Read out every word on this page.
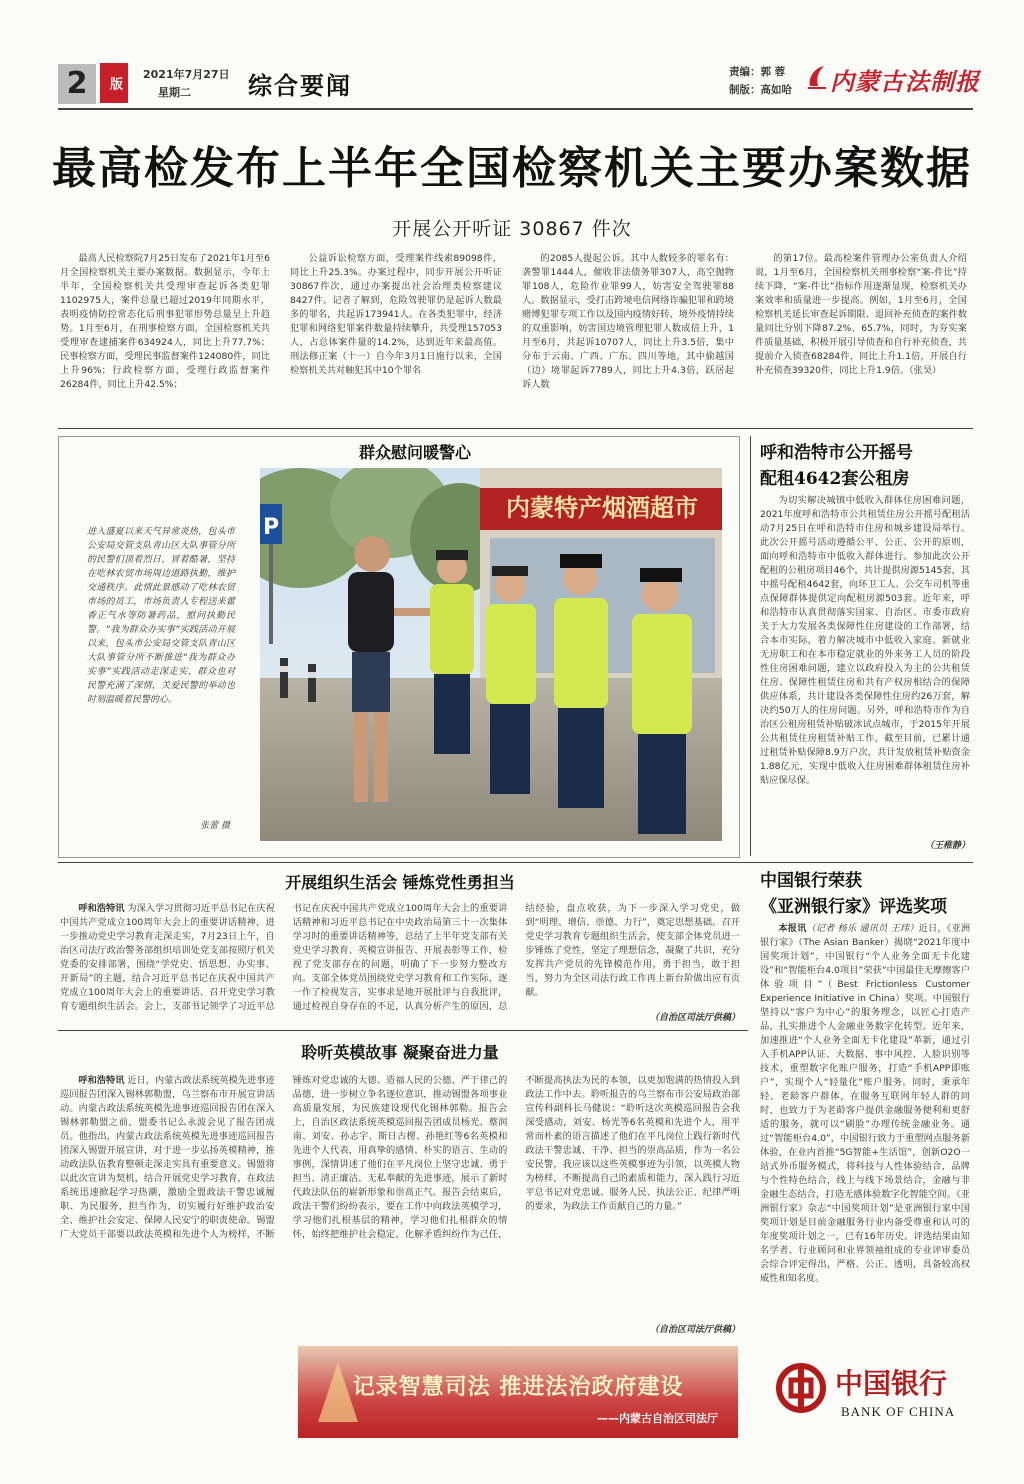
2	版
2021年7月27日
星期二 综合要闻	责编：郭 蓉
制版：高如哈 内蒙古法制报
最高检发布上半年全国检察机关主要办案数据
开展公开听证 30867 件次

最高人民检察院7月25日发布了2021年1月至6月全国检察机关主要办案数据。数据显示，今年上半年，全国检察机关共受理审查起诉各类犯罪1102975人，案件总量已超过2019年同期水平，表明疫情防控常态化后刑事犯罪形势总量呈上升趋势。1月至6月，在刑事检察方面，全国检察机关共受理审查逮捕案件634924人，同比上升77.7%；民事检察方面，受理民事监督案件124080件，同比上升96%；行政检察方面，受理行政监督案件26284件，同比上升42.5%；

公益诉讼检察方面，受理案件线索89098件，同比上升25.3%。办案过程中，同步开展公开听证30867件次，通过办案提出社会治理类检察建议8427件。记者了解到，危险驾驶罪仍是起诉人数最多的罪名，共起诉173941人。在各类犯罪中，经济犯罪和网络犯罪案件数量持续攀升，共受理157053人，占总体案件量的14.2%，达到近年来最高值。刑法修正案（十一）自今年3月1日施行以来，全国检察机关共对触犯其中10个罪名

的2085人提起公诉。其中人数较多的罪名有：袭警罪1444人，催收非法债务罪307人，高空抛物罪108人，危险作业罪99人，妨害安全驾驶罪88人。数据显示，受打击跨境电信网络诈骗犯罪和跨境赌博犯罪专项工作以及国内疫情好转、境外疫情持续的双重影响，妨害国边境管理犯罪人数成倍上升，1月至6月，共起诉10707人，同比上升3.5倍，集中分布于云南、广西、广东、四川等地，其中偷越国（边）境罪起诉7789人，同比上升4.3倍，跃居起诉人数

的第17位。最高检案件管理办公室负责人介绍说，1月至6月，全国检察机关刑事检察“案-件比”持续下降，“案-件比”指标作用逐渐显现，检察机关办案效率和质量进一步提高。例如，1月至6月，全国检察机关延长审查起诉期限、退回补充侦查的案件数量同比分别下降87.2%、65.7%，同时，为夯实案件质量基础，积极开展引导侦查和自行补充侦查，共提前介入侦查68284件，同比上升1.1倍，开展自行补充侦查39320件，同比上升1.9倍。（张昊）

群众慰问暖警心
进入盛夏以来天气异常炎热，包头市公安局交管支队青山区大队事管分所的民警们顶着烈日、冒着酷暑，坚持在吃林农贸市场周边道路执勤，维护交通秩序。此情此景感动了吃林农贸市场的员工，市场负责人专程送来藿香正气水等防暑药品，慰问执勤民警。“我为群众办实事”实践活动开展以来，包头市公安局交管支队青山区大队事管分所不断推进“我为群众办实事”实践活动走深走实，群众也对民警充满了深情，关爱民警的举动也时刻温暖着民警的心。
张蕾 摄
内蒙特产烟酒超市
P
呼和浩特市公开摇号
配租4642套公租房

为切实解决城镇中低收入群体住房困难问题，2021年度呼和浩特市公共租赁住房公开摇号配租活动7月25日在呼和浩特市住房和城乡建设局举行。此次公开摇号活动遵循公平、公正、公开的原则，面向呼和浩特市中低收入群体进行。参加此次公开配租的公租房项目46个，共计提供房源5145套，其中摇号配租4642套，向环卫工人、公交车司机等重点保障群体提供定向配租房源503套。近年来，呼和浩特市认真贯彻落实国家、自治区、市委市政府关于大力发展各类保障性住房建设的工作部署，结合本市实际，着力解决城市中低收入家庭、新就业无房职工和在本市稳定就业的外来务工人员的阶段性住房困难问题，建立以政府投入为主的公共租赁住房、保障性租赁住房和共有产权房相结合的保障供应体系，共计建设各类保障性住房约26万套，解决约50万人的住房问题。另外，呼和浩特市作为自治区公租房租赁补贴破冰试点城市，于2015年开展公共租赁住房租赁补贴工作，截至目前，已累计通过租赁补贴保障8.9万户次，共计发放租赁补贴资金1.88亿元，实现中低收入住房困难群体租赁住房补贴应保尽保。

（王稚静）
开展组织生活会 锤炼党性勇担当

呼和浩特讯 为深入学习贯彻习近平总书记在庆祝中国共产党成立100周年大会上的重要讲话精神，进一步推动党史学习教育走深走实，7月23日上午，自治区司法厅政治警务部组织培训处党支部按照厅机关党委的安排部署，围绕“学党史、悟思想、办实事、开新局”的主题，结合习近平总书记在庆祝中国共产党成立100周年大会上的重要讲话、召开党史学习教育专题组织生活会。会上，支部书记领学了习近平总书记在庆祝中国共产党成立100周年大会上的重要讲话精神和习近平总书记在中央政治局第三十一次集体学习时的重要讲话精神等，总结了上半年党支部有关党史学习教育、英模宣讲报告、开展表彰等工作，检视了党支部存在的问题，明确了下一步努力整改方向。支部全体党员围绕党史学习教育和工作实际，逐一作了检视发言，实事求是地开展批评与自我批评，通过检视自身存在的不足，认真分析产生的原因，总结经验，盘点收获，为下一步深入学习党史，做到“明理、增信、崇德、力行”，奠定思想基础。召开党史学习教育专题组织生活会，使支部全体党员进一步锤炼了党性，坚定了理想信念，凝聚了共识，充分发挥共产党员的先锋模范作用，勇于担当，敢于担当，努力为全区司法行政工作再上新台阶做出应有贡献。

（自治区司法厅供稿）
聆听英模故事 凝聚奋进力量

呼和浩特讯 近日，内蒙古政法系统英模先进事迹巡回报告团深入锡林郭勒盟，乌兰察布市开展宣讲活动。内蒙古政法系统英模先进事迹巡回报告团在深入锡林郭勒盟之前，盟委书记么永波会见了报告团成员。他指出，内蒙古政法系统英模先进事迹巡回报告团深入锡盟开展宣讲，对于进一步弘扬英模精神，推动政法队伍教育整顿走深走实具有重要意义。锡盟将以此次宣讲为契机，结合开展党史学习教育，在政法系统迅速掀起学习热潮，激励全盟政法干警忠诚履职、为民服务，担当作为，切实履行好维护政治安全、维护社会安定、保障人民安宁的职责使命。锡盟广大党员干部要以政法英模和先进个人为榜样，不断锤炼对党忠诚的大德、造福人民的公德、严于律己的品德，进一步树立争名逐位意识，推动锡盟各项事业高质量发展，为民族建设现代化锡林郭勒。报告会上，自治区政法系统英模巡回报告团成员杨光、蔡润南、刘安、孙志宇、斯日古楞、孙艳红等6名英模和先进个人代表，用真挚的感情、朴实的语言、生动的事例，深情讲述了他们在平凡岗位上坚守忠诚、勇于担当、清正廉洁、无私奉献的先进事迹，展示了新时代政法队伍的崭新形象和崇高正气。报告会结束后，政法干警们纷纷表示，要在工作中向政法英模学习，学习他们扎根基层的精神，学习他们扎根群众的情怀，始终把维护社会稳定、化解矛盾纠纷作为己任，不断提高执法为民的本领，以更加饱满的热情投入到政法工作中去。聆听报告的乌兰察布市公安局政治部宣传科副科长马健说：“聆听这次英模巡回报告会我深受感动，刘安、杨光等6名英模和先进个人，用平常而朴素的语言描述了他们在平凡岗位上践行新时代政法干警忠诚、干净、担当的崇高品质，作为一名公安民警，我应该以这些英模事迹为引领，以英模人物为榜样，不断提高自己的素质和能力，深入践行习近平总书记对党忠诚、服务人民、执法公正、纪律严明的要求，为政法工作贡献自己的力量。”

（自治区司法厅供稿）
中国银行荣获
《亚洲银行家》评选奖项

本报讯（记者 杨乐 通讯员 王玮）近日，《亚洲银行家》（The Asian Banker）揭晓“2021年度中国奖项计划”，中国银行“个人业务全面无卡化建设”和“智能柜台4.0项目”荣获“中国最佳无摩擦客户体验项目”（Best Frictionless Customer Experience Initiative in China）奖项。中国银行坚持以“客户为中心”的服务理念，以匠心打造产品，扎实推进个人金融业务数字化转型。近年来，加速推进“个人业务全面无卡化建设”革新，通过引入手机APP认证、大数据、事中风控、人脸识别等技术，重塑数字化账户服务，打造“手机APP即账户”，实现个人“轻量化”账户服务。同时，秉承年轻、老龄客户群体，在服务互联网年轻人群的同时，也致力于为老龄客户提供金融服务便利和更舒适的服务，就可以“刷脸”办理传统金融业务。通过“智能柜台4.0”，中国银行致力于重塑网点服务新体验，在业内首推“5G智能+生活馆”，创新O2O一站式外币服务模式，将科技与人性体验结合，品牌与个性特色结合，线上与线下场景结合，金融与非金融生态结合，打造无感体验数字化智能空间。《亚洲银行家》杂志“中国奖项计划”是亚洲银行家中国奖项计划是目前金融服务行业内备受尊重和认可的年度奖项计划之一，已有16年历史。评选结果由知名学者、行业顾问和业界领袖组成的专业评审委员会综合评定得出，严格、公正、透明，具备较高权威性和知名度。

记录智慧司法 推进法治政府建设
——内蒙古自治区司法厅
中国银行
BANK OF CHINA
